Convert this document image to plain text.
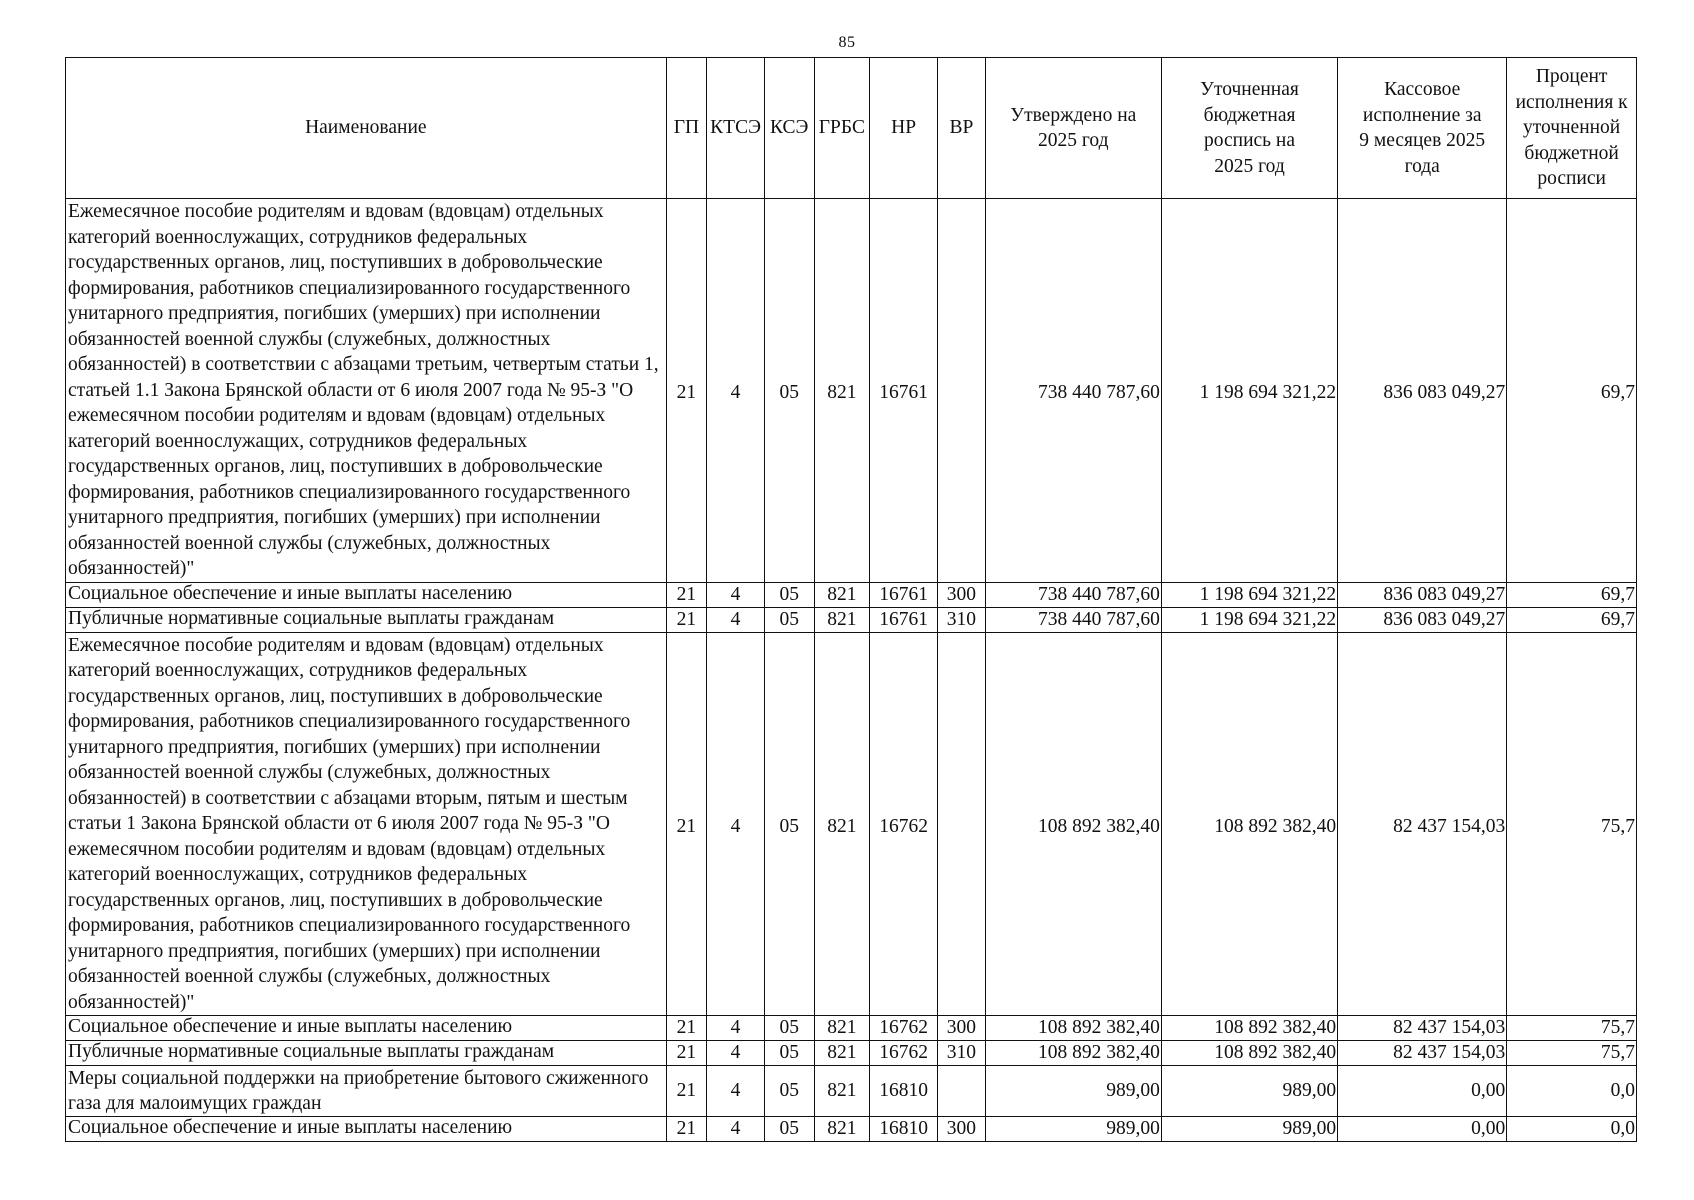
85
Наименование	ГП	КТСЭ	КСЭ	ГРБС	НР	ВР	Утверждено на 2025 год	Уточненная бюджетная роспись на 2025 год	Кассовое исполнение за 9 месяцев 2025 года	Процент исполнения к уточненной бюджетной росписи
Ежемесячное пособие родителям и вдовам (вдовцам) отдельных категорий военнослужащих, сотрудников федеральных государственных органов, лиц, поступивших в добровольческие формирования, работников специализированного государственного унитарного предприятия, погибших (умерших) при исполнении обязанностей военной службы (служебных, должностных обязанностей) в соответствии с абзацами третьим, четвертым статьи 1, статьей 1.1 Закона Брянской области от 6 июля 2007 года № 95-З "О ежемесячном пособии родителям и вдовам (вдовцам) отдельных категорий военнослужащих, сотрудников федеральных государственных органов, лиц, поступивших в добровольческие формирования, работников специализированного государственного унитарного предприятия, погибших (умерших) при исполнении обязанностей военной службы (служебных, должностных обязанностей)"	21	4	05	821	16761		738 440 787,60	1 198 694 321,22	836 083 049,27	69,7
Социальное обеспечение и иные выплаты населению	21	4	05	821	16761	300	738 440 787,60	1 198 694 321,22	836 083 049,27	69,7
Публичные нормативные социальные выплаты гражданам	21	4	05	821	16761	310	738 440 787,60	1 198 694 321,22	836 083 049,27	69,7
Ежемесячное пособие родителям и вдовам (вдовцам) отдельных категорий военнослужащих, сотрудников федеральных государственных органов, лиц, поступивших в добровольческие формирования, работников специализированного государственного унитарного предприятия, погибших (умерших) при исполнении обязанностей военной службы (служебных, должностных обязанностей) в соответствии с абзацами вторым, пятым и шестым статьи 1 Закона Брянской области от 6 июля 2007 года № 95-З "О ежемесячном пособии родителям и вдовам (вдовцам) отдельных категорий военнослужащих, сотрудников федеральных государственных органов, лиц, поступивших в добровольческие формирования, работников специализированного государственного унитарного предприятия, погибших (умерших) при исполнении обязанностей военной службы (служебных, должностных обязанностей)"	21	4	05	821	16762		108 892 382,40	108 892 382,40	82 437 154,03	75,7
Социальное обеспечение и иные выплаты населению	21	4	05	821	16762	300	108 892 382,40	108 892 382,40	82 437 154,03	75,7
Публичные нормативные социальные выплаты гражданам	21	4	05	821	16762	310	108 892 382,40	108 892 382,40	82 437 154,03	75,7
Меры социальной поддержки на приобретение бытового сжиженного газа для малоимущих граждан	21	4	05	821	16810		989,00	989,00	0,00	0,0
Социальное обеспечение и иные выплаты населению	21	4	05	821	16810	300	989,00	989,00	0,00	0,0
